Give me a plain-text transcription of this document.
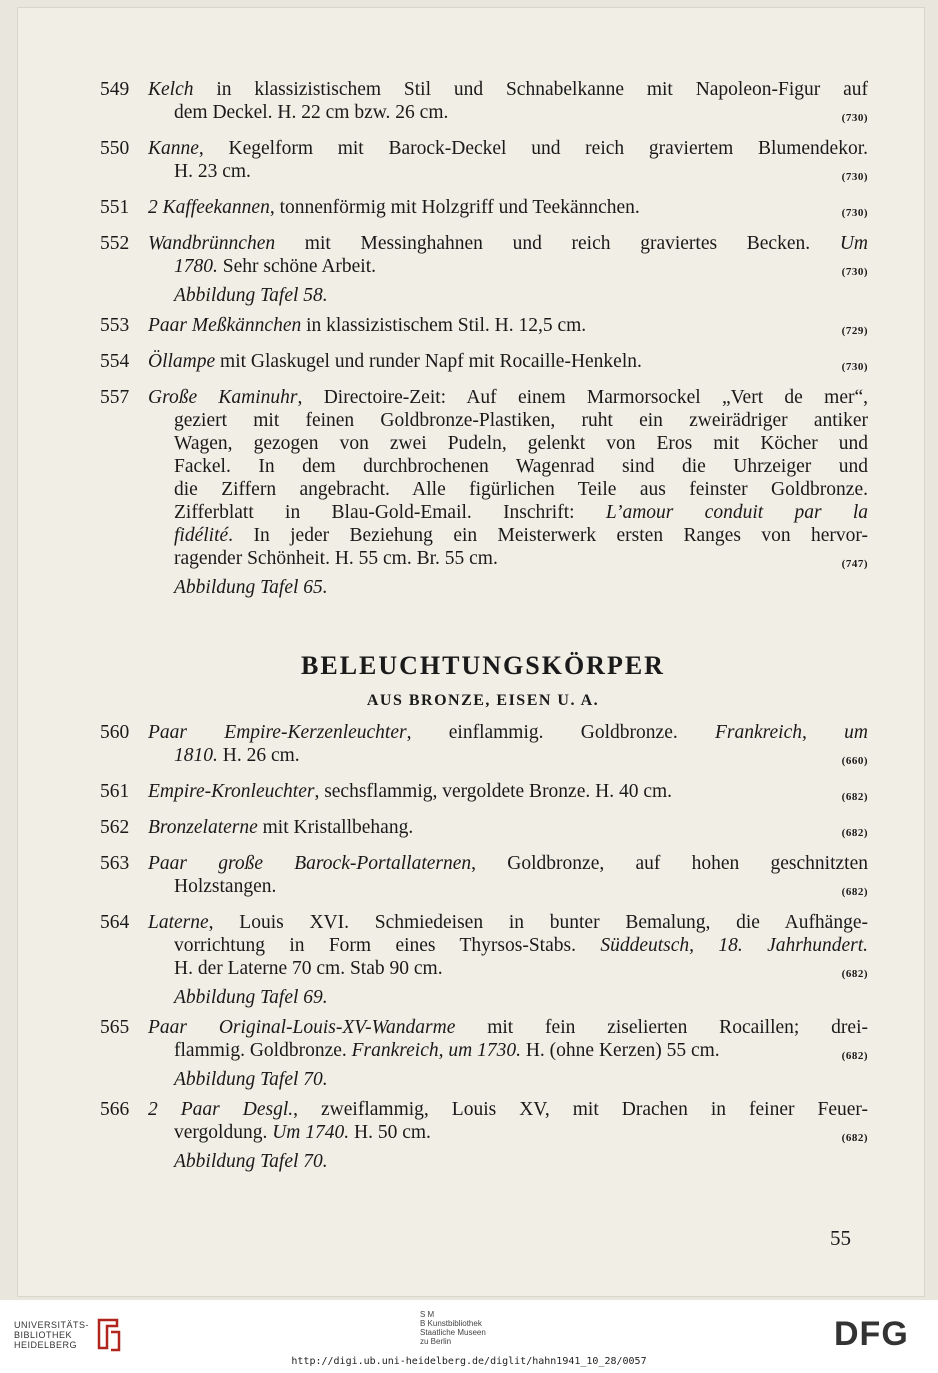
549 Kelch in klassizistischem Stil und Schnabelkanne mit Napoleon-Figur auf
dem Deckel. H. 22 cm bzw. 26 cm.	(730)
550 Kanne, Kegelform mit Barock-Deckel und reich graviertem Blumendekor.
H. 23 cm.	(730)
551 2 Kaffeekannen, tonnenförmig mit Holzgriff und Teekännchen.	(730)
552 Wandbrünnchen mit Messinghahnen und reich graviertes Becken. Um
1780. Sehr schöne Arbeit.	(730)
Abbildung Tafel 58.
553 Paar Meßkännchen in klassizistischem Stil. H. 12,5 cm.	(729)
554 Öllampe mit Glaskugel und runder Napf mit Rocaille-Henkeln.	(730)
557 Große Kaminuhr, Directoire-Zeit: Auf einem Marmorsockel „Vert de mer“,
geziert mit feinen Goldbronze-Plastiken, ruht ein zweirädriger antiker
Wagen, gezogen von zwei Pudeln, gelenkt von Eros mit Köcher und
Fackel. In dem durchbrochenen Wagenrad sind die Uhrzeiger und
die Ziffern angebracht. Alle figürlichen Teile aus feinster Goldbronze.
Zifferblatt in Blau-Gold-Email. Inschrift: L’amour conduit par la
fidélité. In jeder Beziehung ein Meisterwerk ersten Ranges von hervor-
ragender Schönheit. H. 55 cm. Br. 55 cm.	(747)
Abbildung Tafel 65.
BELEUCHTUNGSKÖRPER
AUS BRONZE, EISEN U. A.
560 Paar Empire-Kerzenleuchter, einflammig. Goldbronze. Frankreich, um
1810. H. 26 cm.	(660)
561 Empire-Kronleuchter, sechsflammig, vergoldete Bronze. H. 40 cm.	(682)
562 Bronzelaterne mit Kristallbehang.	(682)
563 Paar große Barock-Portallaternen, Goldbronze, auf hohen geschnitzten
Holzstangen.	(682)
564 Laterne, Louis XVI. Schmiedeisen in bunter Bemalung, die Aufhänge-
vorrichtung in Form eines Thyrsos-Stabs. Süddeutsch, 18. Jahrhundert.
H. der Laterne 70 cm. Stab 90 cm.	(682)
Abbildung Tafel 69.
565 Paar Original-Louis-XV-Wandarme mit fein ziselierten Rocaillen; drei-
flammig. Goldbronze. Frankreich, um 1730. H. (ohne Kerzen) 55 cm.	(682)
Abbildung Tafel 70.
566 2 Paar Desgl., zweiflammig, Louis XV, mit Drachen in feiner Feuer-
vergoldung. Um 1740. H. 50 cm.	(682)
Abbildung Tafel 70.
55
UNIVERSITÄTS-
BIBLIOTHEK
HEIDELBERG
S M
B Kunstbibliothek
Staatliche Museen
zu Berlin	DFG
http://digi.ub.uni-heidelberg.de/diglit/hahn1941_10_28/0057
